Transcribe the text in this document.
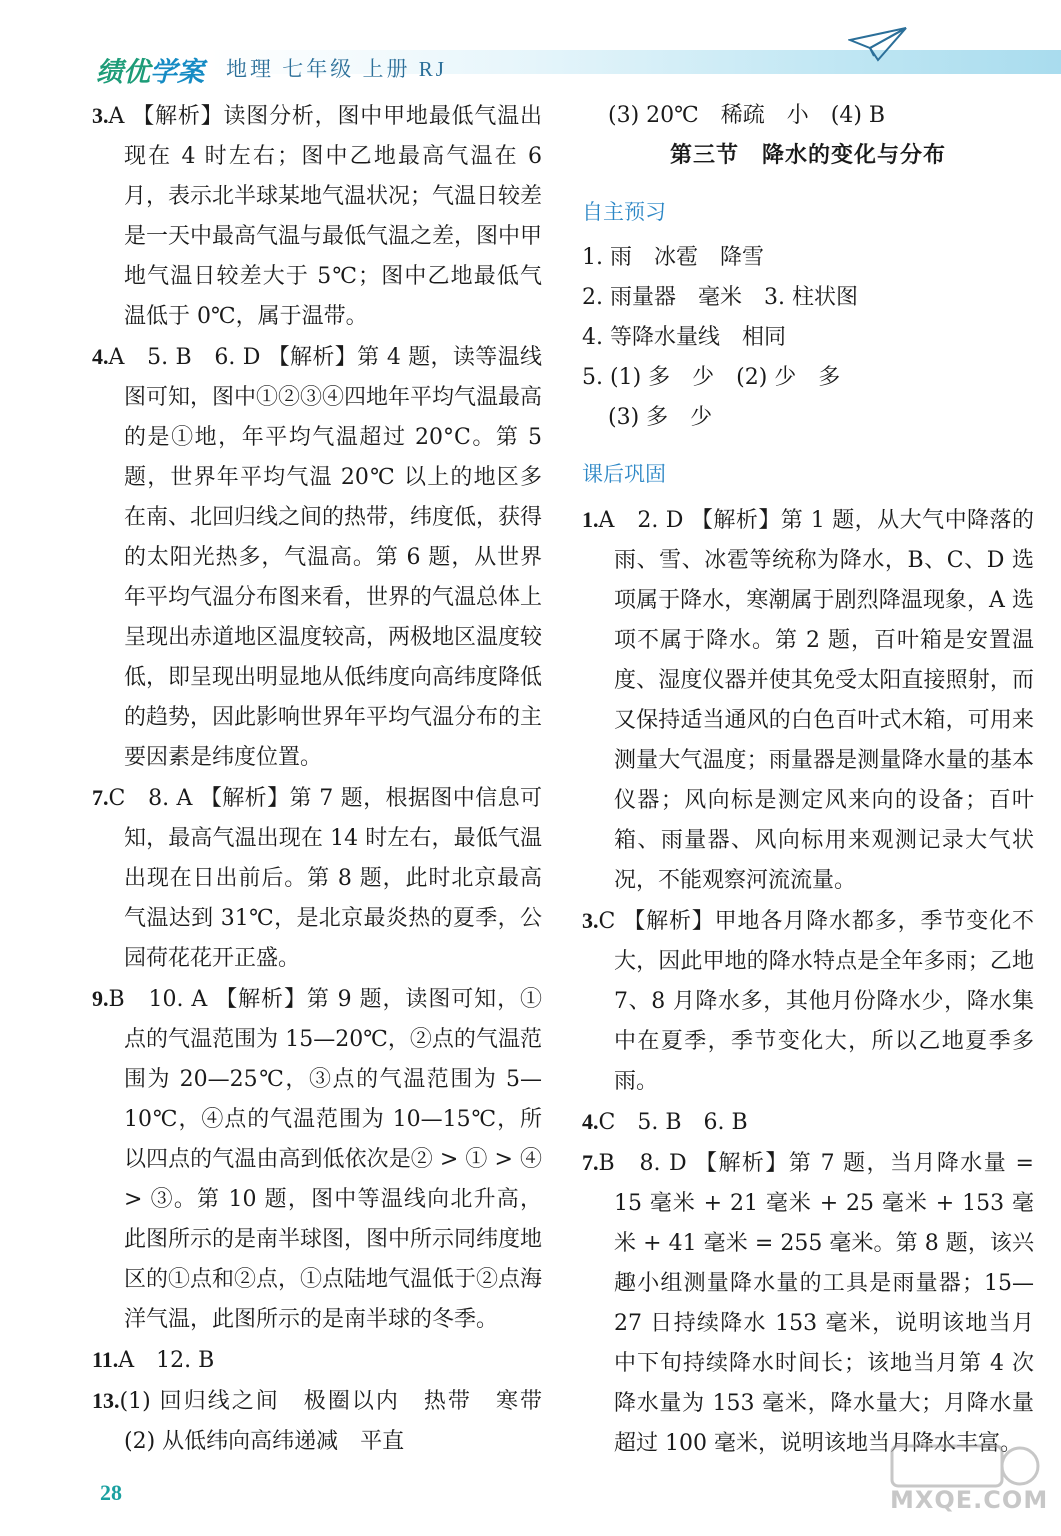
绩优学案 地理 七年级 上册 RJ

3.A 【解析】读图分析，图中甲地最低气温出现在 4 时左右；图中乙地最高气温在 6 月，表示北半球某地气温状况；气温日较差是一天中最高气温与最低气温之差，图中甲地气温日较差大于 5℃；图中乙地最低气温低于 0℃，属于温带。

4.A　5. B　6. D 【解析】第 4 题，读等温线图可知，图中①②③④四地年平均气温最高的是①地，年平均气温超过 20°C。第 5 题，世界年平均气温 20℃ 以上的地区多在南、北回归线之间的热带，纬度低，获得的太阳光热多，气温高。第 6 题，从世界年平均气温分布图来看，世界的气温总体上呈现出赤道地区温度较高，两极地区温度较低，即呈现出明显地从低纬度向高纬度降低的趋势，因此影响世界年平均气温分布的主要因素是纬度位置。

7.C　8. A 【解析】第 7 题，根据图中信息可知，最高气温出现在 14 时左右，最低气温出现在日出前后。第 8 题，此时北京最高气温达到 31℃，是北京最炎热的夏季，公园荷花花开正盛。

9.B　10. A 【解析】第 9 题，读图可知，①点的气温范围为 15—20℃，②点的气温范围为 20—25℃，③点的气温范围为 5—10℃，④点的气温范围为 10—15℃，所以四点的气温由高到低依次是② > ① > ④ > ③。第 10 题，图中等温线向北升高，此图所示的是南半球图，图中所示同纬度地区的①点和②点，①点陆地气温低于②点海洋气温，此图所示的是南半球的冬季。

11.A　12. B

13.(1) 回归线之间　极圈以内　热带　寒带　(2) 从低纬向高纬递减　平直

(3) 20℃　稀疏　小　(4) B

第三节　降水的变化与分布

自主预习

1. 雨　冰雹　降雪

2. 雨量器　毫米　3. 柱状图

4. 等降水量线　相同

5. (1) 多　少　(2) 少　多

(3) 多　少

课后巩固

1.A　2. D 【解析】第 1 题，从大气中降落的雨、雪、冰雹等统称为降水，B、C、D 选项属于降水，寒潮属于剧烈降温现象，A 选项不属于降水。第 2 题，百叶箱是安置温度、湿度仪器并使其免受太阳直接照射，而又保持适当通风的白色百叶式木箱，可用来测量大气温度；雨量器是测量降水量的基本仪器；风向标是测定风来向的设备；百叶箱、雨量器、风向标用来观测记录大气状况，不能观察河流流量。

3.C 【解析】甲地各月降水都多，季节变化不大，因此甲地的降水特点是全年多雨；乙地 7、8 月降水多，其他月份降水少，降水集中在夏季，季节变化大，所以乙地夏季多雨。

4.C　5. B　6. B

7.B　8. D 【解析】第 7 题，当月降水量 = 15 毫米 + 21 毫米 + 25 毫米 + 153 毫米 + 41 毫米 = 255 毫米。第 8 题，该兴趣小组测量降水量的工具是雨量器；15—27 日持续降水 153 毫米，说明该地当月中下旬持续降水时间长；该地当月第 4 次降水量为 153 毫米，降水量大；月降水量超过 100 毫米，说明该地当月降水丰富。

28	MXQE.COM
